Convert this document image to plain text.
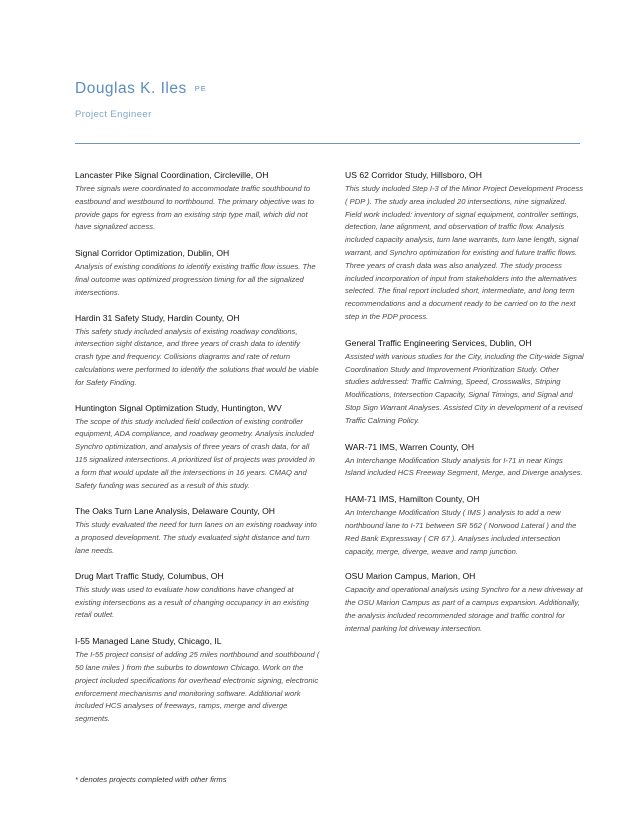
Douglas K. Iles PE
Project Engineer
Lancaster Pike Signal Coordination, Circleville, OH
Three signals were coordinated to accommodate traffic southbound to eastbound and westbound to northbound. The primary objective was to provide gaps for egress from an existing strip type mall, which did not have signalized access.
Signal Corridor Optimization, Dublin, OH
Analysis of existing conditions to identify existing traffic flow issues. The final outcome was optimized progression timing for all the signalized intersections.
Hardin 31 Safety Study, Hardin County, OH
This safety study included analysis of existing roadway conditions, intersection sight distance, and three years of crash data to identify crash type and frequency. Collisions diagrams and rate of return calculations were performed to identify the solutions that would be viable for Safety Finding.
Huntington Signal Optimization Study, Huntington, WV
The scope of this study included field collection of existing controller equipment, ADA compliance, and roadway geometry. Analysis included Synchro optimization, and analysis of three years of crash data, for all 115 signalized intersections. A prioritized list of projects was provided in a form that would update all the intersections in 16 years. CMAQ and Safety funding was secured as a result of this study.
The Oaks Turn Lane Analysis, Delaware County, OH
This study evaluated the need for turn lanes on an existing roadway into a proposed development. The study evaluated sight distance and turn lane needs.
Drug Mart Traffic Study, Columbus, OH
This study was used to evaluate how conditions have changed at existing intersections as a result of changing occupancy in an existing retail outlet.
I-55 Managed Lane Study, Chicago, IL
The I-55 project consist of adding 25 miles northbound and southbound ( 50 lane miles ) from the suburbs to downtown Chicago. Work on the project included specifications for overhead electronic signing, electronic enforcement mechanisms and monitoring software. Additional work included HCS analyses of freeways, ramps, merge and diverge segments.
US 62 Corridor Study, Hillsboro, OH
This study included Step I-3 of the Minor Project Development Process ( PDP ). The study area included 20 intersections, nine signalized. Field work included: inventory of signal equipment, controller settings, detection, lane alignment, and observation of traffic flow. Analysis included capacity analysis, turn lane warrants, turn lane length, signal warrant, and Synchro optimization for existing and future traffic flows. Three years of crash data was also analyzed. The study process included incorporation of input from stakeholders into the alternatives selected. The final report included short, intermediate, and long term recommendations and a document ready to be carried on to the next step in the PDP process.
General Traffic Engineering Services, Dublin, OH
Assisted with various studies for the City, including the City-wide Signal Coordination Study and Improvement Prioritization Study. Other studies addressed: Traffic Calming, Speed, Crosswalks, Striping Modifications, Intersection Capacity, Signal Timings, and Signal and Stop Sign Warrant Analyses. Assisted City in development of a revised Traffic Calming Policy.
WAR-71 IMS, Warren County, OH
An Interchange Modification Study analysis for I-71 in near Kings Island included HCS Freeway Segment, Merge, and Diverge analyses.
HAM-71 IMS, Hamilton County, OH
An Interchange Modification Study ( IMS ) analysis to add a new northbound lane to I-71 between SR 562 ( Norwood Lateral ) and the Red Bank Expressway ( CR 67 ). Analyses included intersection capacity, merge, diverge, weave and ramp junction.
OSU Marion Campus, Marion, OH
Capacity and operational analysis using Synchro for a new driveway at the OSU Marion Campus as part of a campus expansion. Additionally, the analysis included recommended storage and traffic control for internal parking lot driveway intersection.
* denotes projects completed with other firms
